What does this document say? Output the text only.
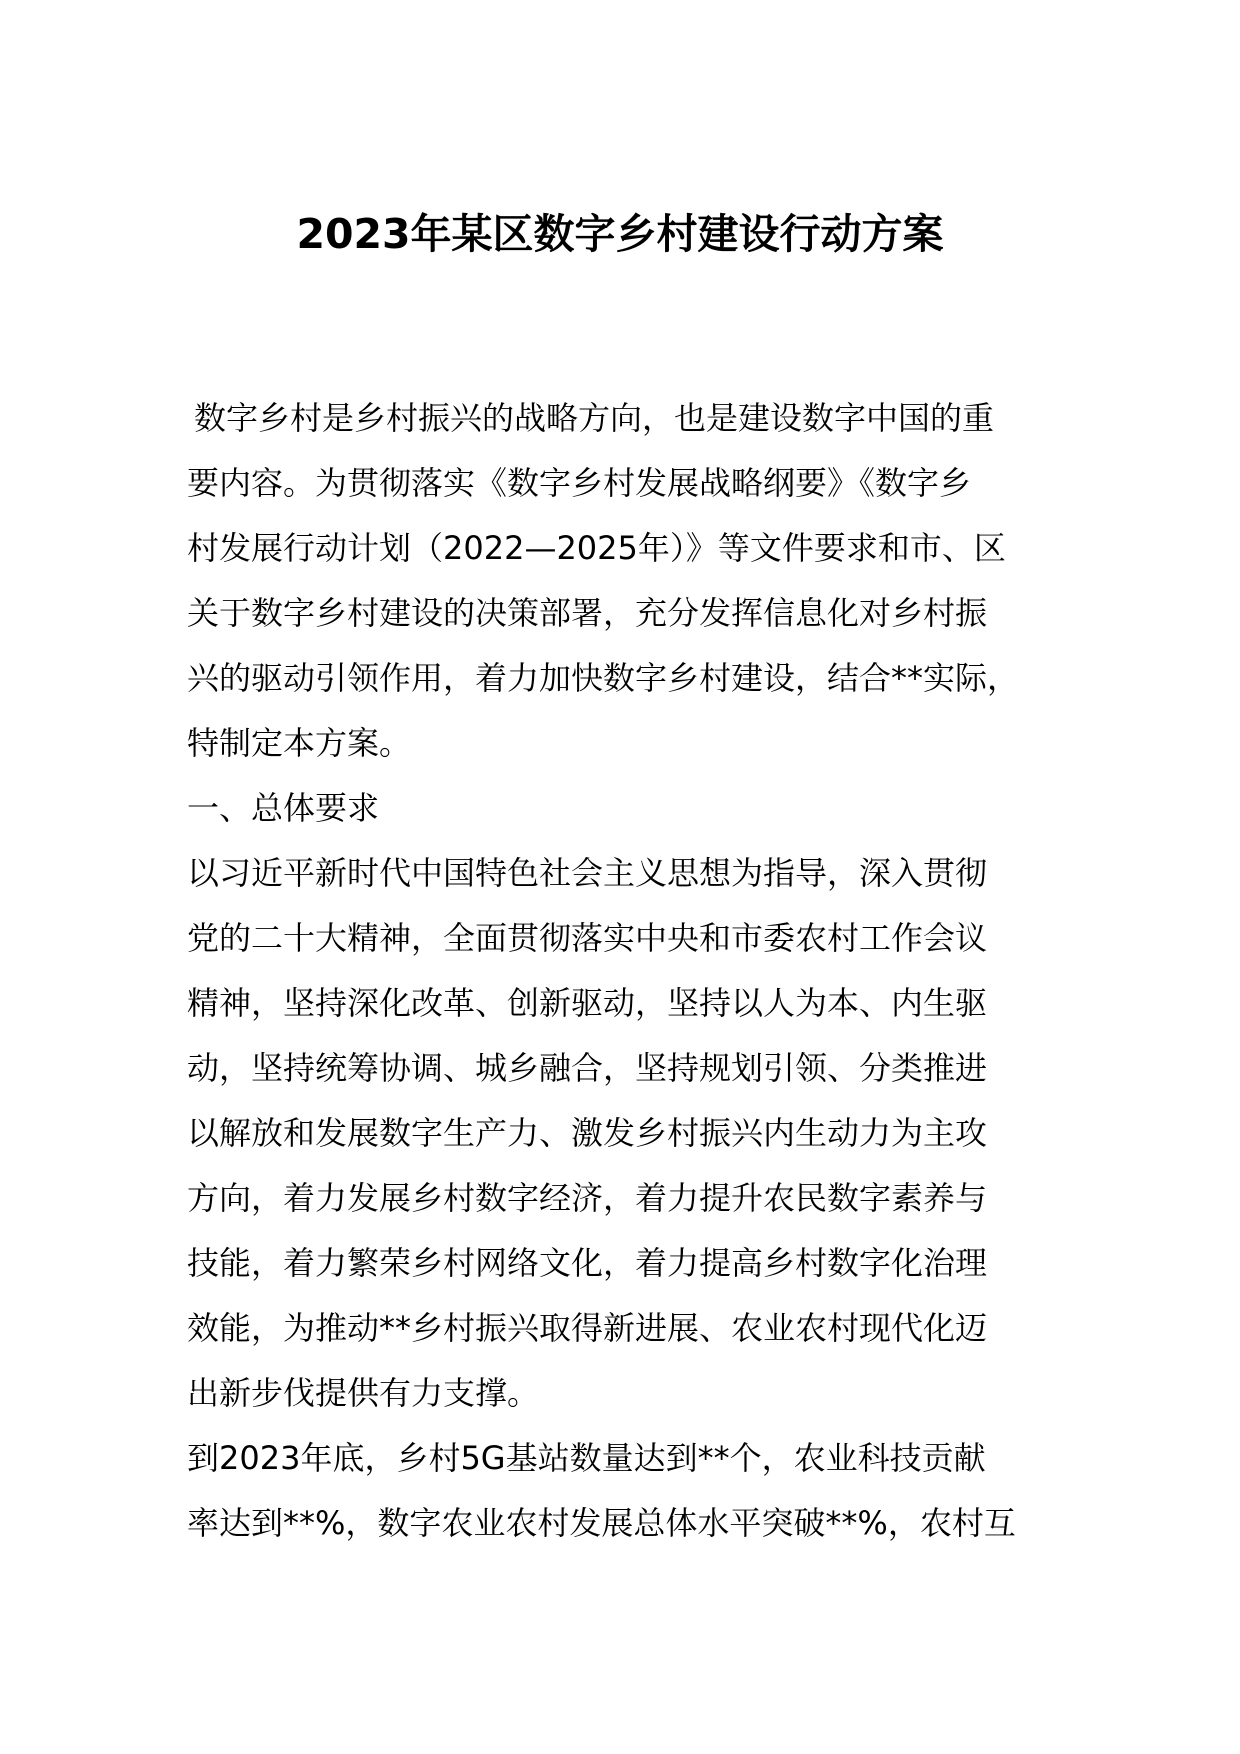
2023年某区数字乡村建设行动方案
数字乡村是乡村振兴的战略方向，也是建设数字中国的重
要内容。为贯彻落实《数字乡村发展战略纲要》《数字乡
村发展行动计划（2022—2025年）》等文件要求和市、区
关于数字乡村建设的决策部署，充分发挥信息化对乡村振
兴的驱动引领作用，着力加快数字乡村建设，结合**实际，
特制定本方案。
一、总体要求
以习近平新时代中国特色社会主义思想为指导，深入贯彻
党的二十大精神，全面贯彻落实中央和市委农村工作会议
精神，坚持深化改革、创新驱动，坚持以人为本、内生驱
动，坚持统筹协调、城乡融合，坚持规划引领、分类推进
以解放和发展数字生产力、激发乡村振兴内生动力为主攻
方向，着力发展乡村数字经济，着力提升农民数字素养与
技能，着力繁荣乡村网络文化，着力提高乡村数字化治理
效能，为推动**乡村振兴取得新进展、农业农村现代化迈
出新步伐提供有力支撑。
到2023年底，乡村5G基站数量达到**个，农业科技贡献
率达到**%，数字农业农村发展总体水平突破**%，农村互
